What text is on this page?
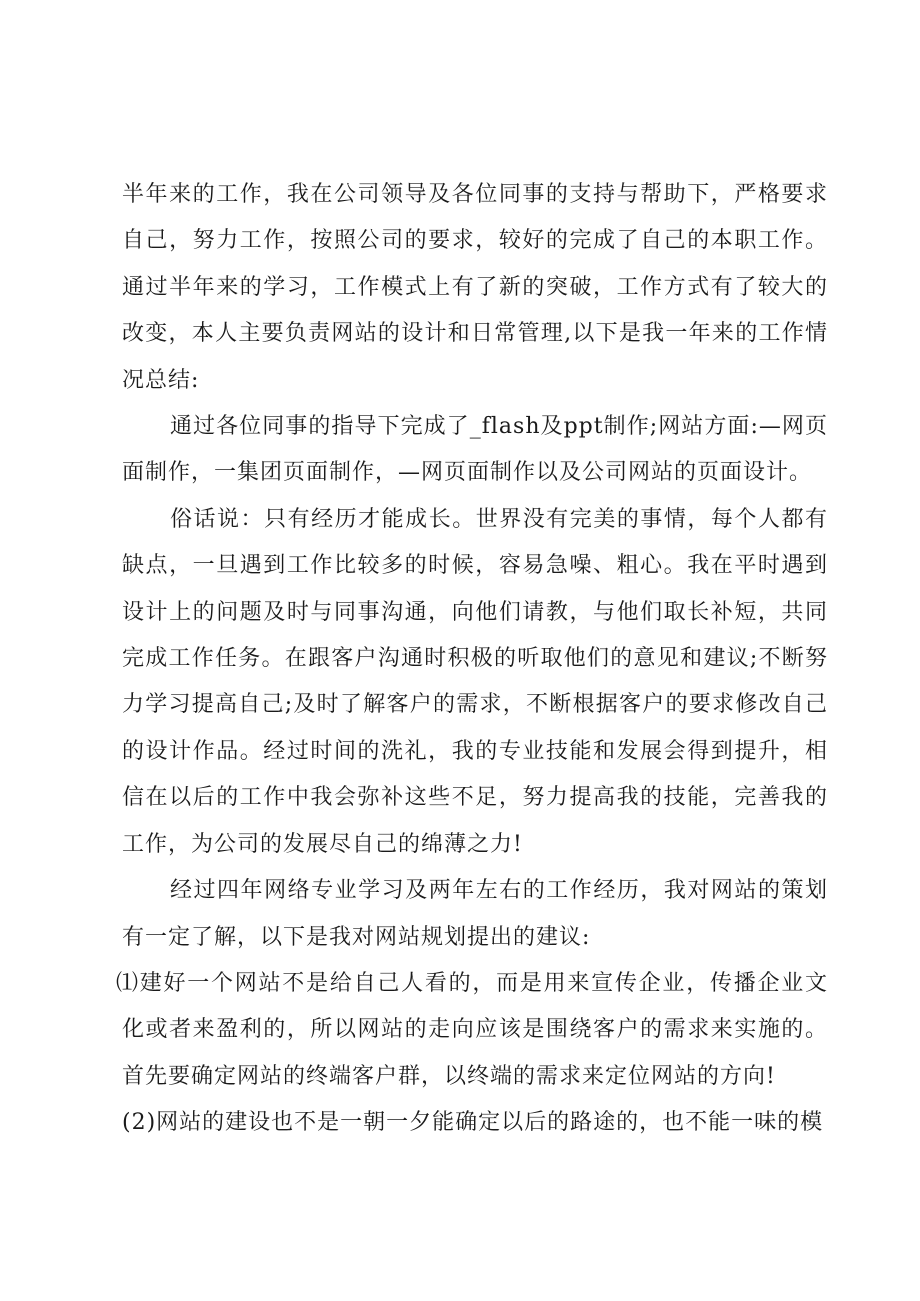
半年来的工作，我在公司领导及各位同事的支持与帮助下，严格要求自己，努力工作，按照公司的要求，较好的完成了自己的本职工作。通过半年来的学习，工作模式上有了新的突破，工作方式有了较大的改变，本人主要负责网站的设计和日常管理,以下是我一年来的工作情况总结:

通过各位同事的指导下完成了_flash及ppt制作;网站方面:—网页面制作，一集团页面制作，—网页面制作以及公司网站的页面设计。

俗话说：只有经历才能成长。世界没有完美的事情，每个人都有缺点，一旦遇到工作比较多的时候，容易急噪、粗心。我在平时遇到设计上的问题及时与同事沟通，向他们请教，与他们取长补短，共同完成工作任务。在跟客户沟通时积极的听取他们的意见和建议;不断努力学习提高自己;及时了解客户的需求，不断根据客户的要求修改自己的设计作品。经过时间的洗礼，我的专业技能和发展会得到提升，相信在以后的工作中我会弥补这些不足，努力提高我的技能，完善我的工作，为公司的发展尽自己的绵薄之力!

经过四年网络专业学习及两年左右的工作经历，我对网站的策划有一定了解，以下是我对网站规划提出的建议:

⑴建好一个网站不是给自己人看的，而是用来宣传企业，传播企业文化或者来盈利的，所以网站的走向应该是围绕客户的需求来实施的。首先要确定网站的终端客户群，以终端的需求来定位网站的方向!

(2)网站的建设也不是一朝一夕能确定以后的路途的，也不能一味的模
